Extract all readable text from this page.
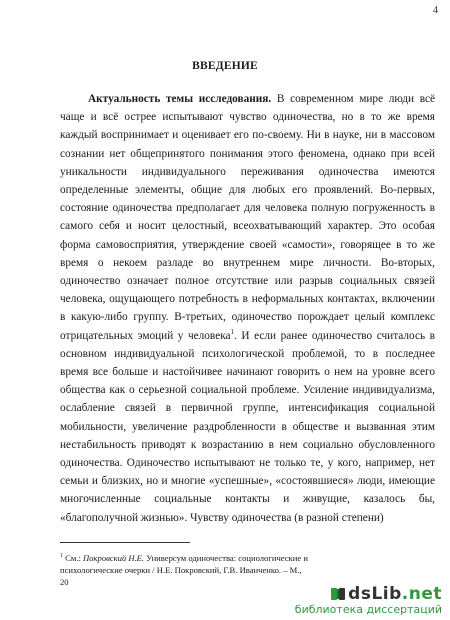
4
ВВЕДЕНИЕ

Актуальность темы исследования. В современном мире люди всё чаще и всё острее испытывают чувство одиночества, но в то же время каждый воспринимает и оценивает его по-своему. Ни в науке, ни в массовом сознании нет общепринятого понимания этого феномена, однако при всей уникальности индивидуального переживания одиночества имеются определенные элементы, общие для любых его проявлений. Во-первых, состояние одиночества предполагает для человека полную погруженность в самого себя и носит целостный, всеохватывающий характер. Это особая форма самовосприятия, утверждение своей «самости», говорящее в то же время о некоем разладе во внутреннем мире личности. Во-вторых, одиночество означает полное отсутствие или разрыв социальных связей человека, ощущающего потребность в неформальных контактах, включении в какую-либо группу. В-третьих, одиночество порождает целый комплекс отрицательных эмоций у человека$^1$. И если ранее одиночество считалось в основном индивидуальной психологической проблемой, то в последнее время все больше и настойчивее начинают говорить о нем на уровне всего общества как о серьезной социальной проблеме. Усиление индивидуализма, ослабление связей в первичной группе, интенсификация социальной мобильности, увеличение раздробленности в обществе и вызванная этим нестабильность приводят к возрастанию в нем социально обусловленного одиночества. Одиночество испытывают не только те, у кого, например, нет семьи и близких, но и многие «успешные», «состоявшиеся» люди, имеющие многочисленные социальные контакты и живущие, казалось бы, «благополучной жизнью». Чувству одиночества (в разной степени)

$^1$ См.: Покровский Н.Е. Универсум одиночества: социологические и психологические очерки / Н.Е. Покровский, Г.В. Иванченко. – М., 20
dsLib.net
библиотека диссертаций
